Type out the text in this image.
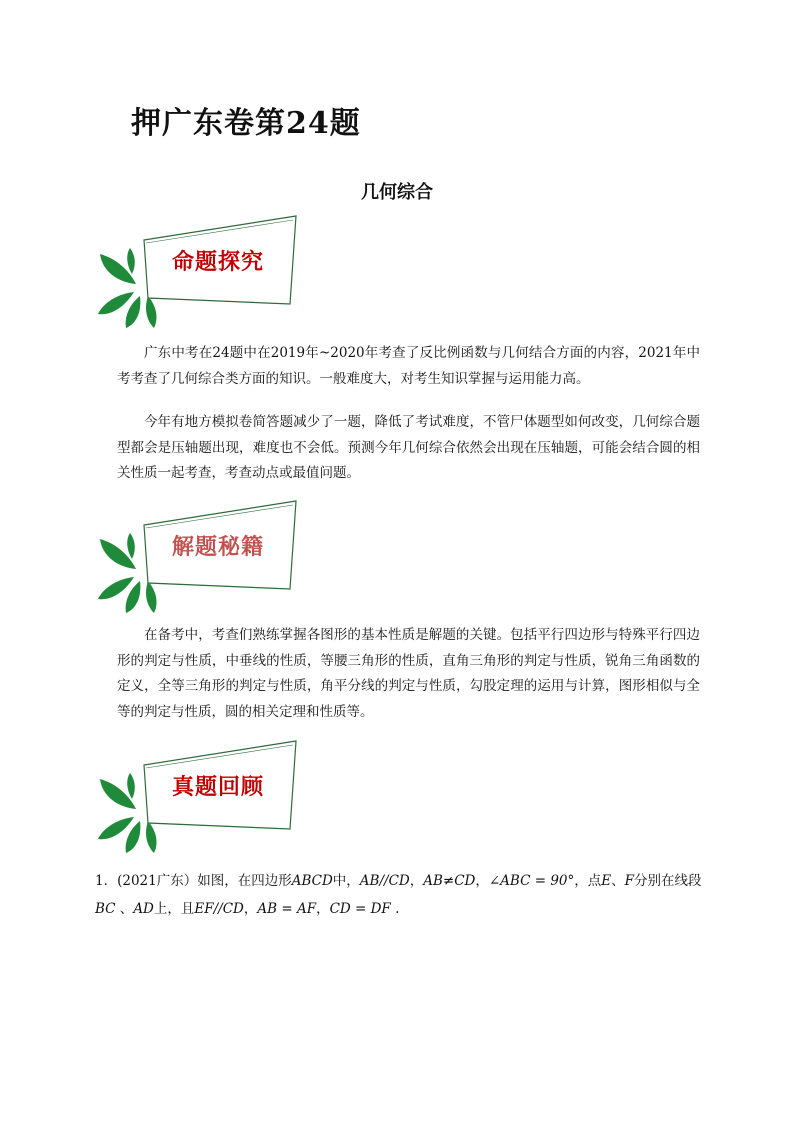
押广东卷第24题
几何综合
命题探究

广东中考在24题中在2019年~2020年考查了反比例函数与几何结合方面的内容，2021年中考考查了几何综合类方面的知识。一般难度大，对考生知识掌握与运用能力高。

今年有地方模拟卷简答题减少了一题，降低了考试难度，不管尸体题型如何改变，几何综合题型都会是压轴题出现，难度也不会低。预测今年几何综合依然会出现在压轴题，可能会结合圆的相关性质一起考查，考查动点或最值问题。

解题秘籍

在备考中，考查们熟练掌握各图形的基本性质是解题的关键。包括平行四边形与特殊平行四边形的判定与性质，中垂线的性质，等腰三角形的性质，直角三角形的判定与性质，锐角三角函数的定义，全等三角形的判定与性质，角平分线的判定与性质，勾股定理的运用与计算，图形相似与全等的判定与性质，圆的相关定理和性质等。

真题回顾

1．(2021广东）如图，在四边形ABCD中，AB//CD，AB≠CD，∠ABC = 90°，点E、F分别在线段BC 、AD上，且EF//CD，AB = AF，CD = DF .
